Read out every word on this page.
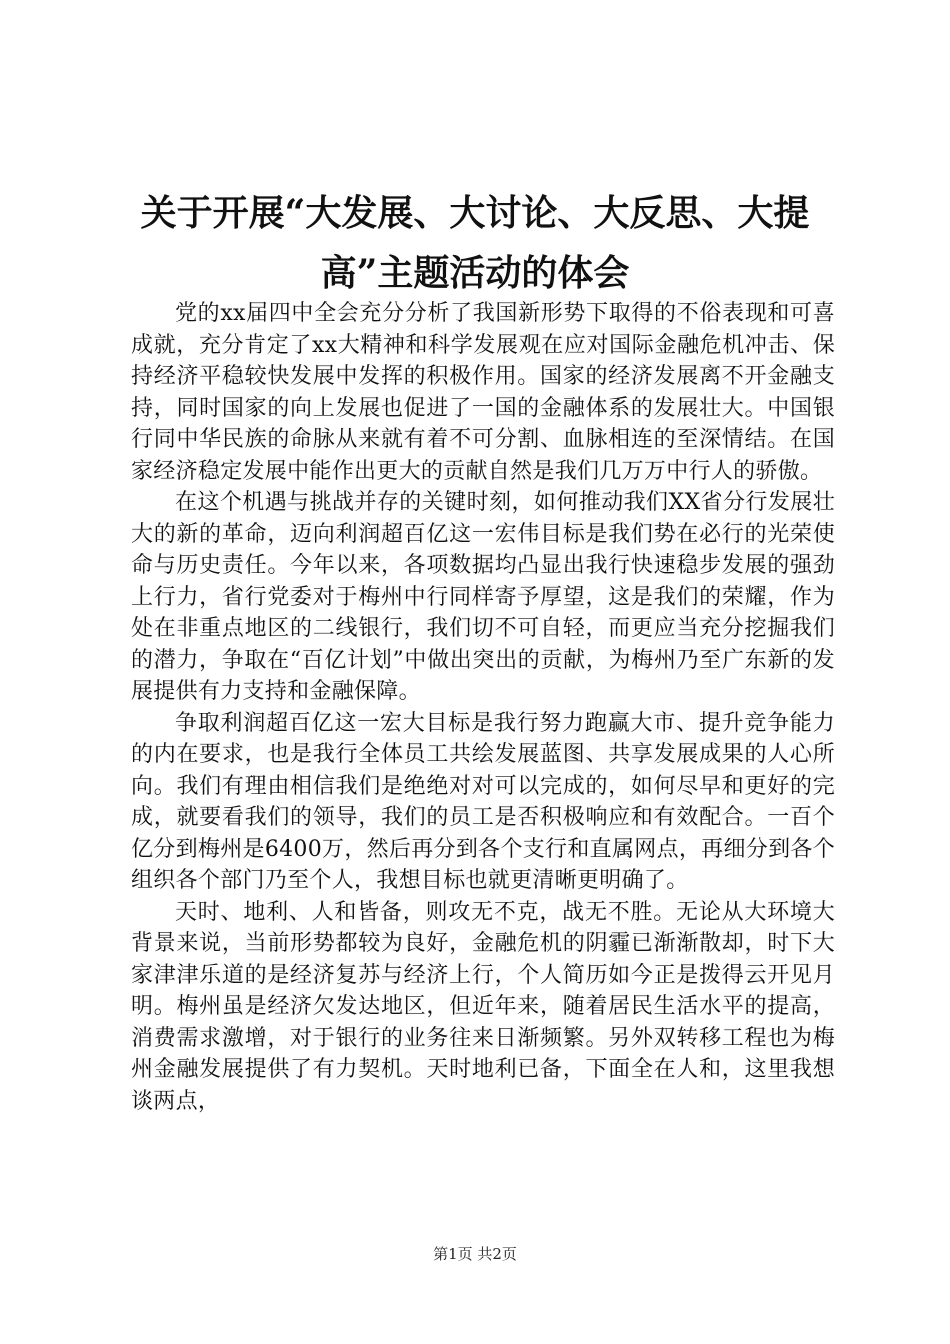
关于开展“大发展、大讨论、大反思、大提
高”主题活动的体会

党的xx届四中全会充分分析了我国新形势下取得的不俗表现和可喜成就，充分肯定了xx大精神和科学发展观在应对国际金融危机冲击、保持经济平稳较快发展中发挥的积极作用。国家的经济发展离不开金融支持，同时国家的向上发展也促进了一国的金融体系的发展壮大。中国银行同中华民族的命脉从来就有着不可分割、血脉相连的至深情结。在国家经济稳定发展中能作出更大的贡献自然是我们几万万中行人的骄傲。

在这个机遇与挑战并存的关键时刻，如何推动我们XX省分行发展壮大的新的革命，迈向利润超百亿这一宏伟目标是我们势在必行的光荣使命与历史责任。今年以来，各项数据均凸显出我行快速稳步发展的强劲上行力，省行党委对于梅州中行同样寄予厚望，这是我们的荣耀，作为处在非重点地区的二线银行，我们切不可自轻，而更应当充分挖掘我们的潜力，争取在“百亿计划”中做出突出的贡献，为梅州乃至广东新的发展提供有力支持和金融保障。

争取利润超百亿这一宏大目标是我行努力跑赢大市、提升竞争能力的内在要求，也是我行全体员工共绘发展蓝图、共享发展成果的人心所向。我们有理由相信我们是绝绝对对可以完成的，如何尽早和更好的完成，就要看我们的领导，我们的员工是否积极响应和有效配合。一百个亿分到梅州是6400万，然后再分到各个支行和直属网点，再细分到各个组织各个部门乃至个人，我想目标也就更清晰更明确了。

天时、地利、人和皆备，则攻无不克，战无不胜。无论从大环境大背景来说，当前形势都较为良好，金融危机的阴霾已渐渐散却，时下大家津津乐道的是经济复苏与经济上行，个人简历如今正是拨得云开见月明。梅州虽是经济欠发达地区，但近年来，随着居民生活水平的提高，消费需求激增，对于银行的业务往来日渐频繁。另外双转移工程也为梅州金融发展提供了有力契机。天时地利已备，下面全在人和，这里我想谈两点，

第1页 共2页
